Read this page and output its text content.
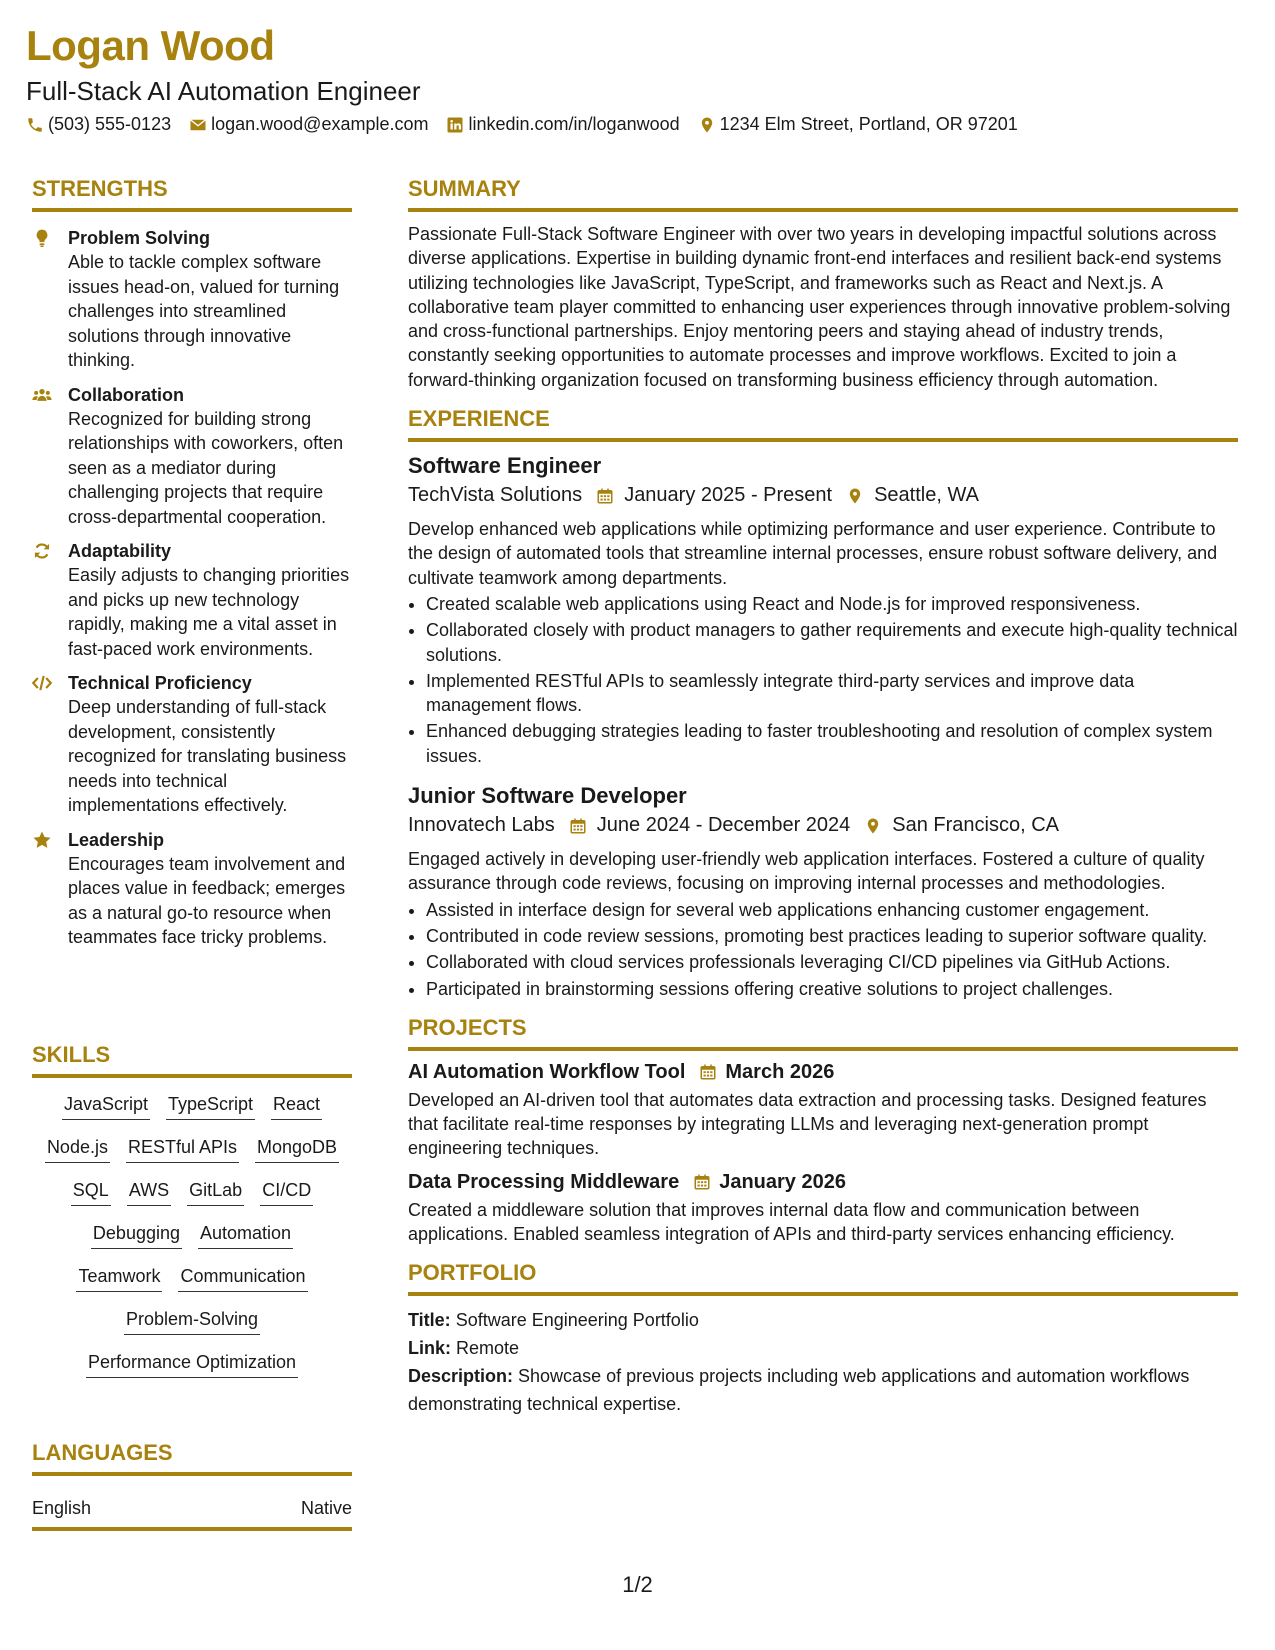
Logan Wood
Full-Stack AI Automation Engineer
(503) 555-0123 logan.wood@example.com linkedin.com/in/loganwood 1234 Elm Street, Portland, OR 97201
STRENGTHS
Problem Solving
Able to tackle complex software issues head-on, valued for turning challenges into streamlined solutions through innovative thinking.
Collaboration
Recognized for building strong relationships with coworkers, often seen as a mediator during challenging projects that require cross-departmental cooperation.
Adaptability
Easily adjusts to changing priorities and picks up new technology rapidly, making me a vital asset in fast-paced work environments.
Technical Proficiency
Deep understanding of full-stack development, consistently recognized for translating business needs into technical implementations effectively.
Leadership
Encourages team involvement and places value in feedback; emerges as a natural go-to resource when teammates face tricky problems.
SKILLS
JavaScript TypeScript React
Node.js RESTful APIs MongoDB
SQL AWS GitLab CI/CD
Debugging Automation
Teamwork Communication
Problem-Solving
Performance Optimization
LANGUAGES
English	Native
SUMMARY

Passionate Full-Stack Software Engineer with over two years in developing impactful solutions across diverse applications. Expertise in building dynamic front-end interfaces and resilient back-end systems utilizing technologies like JavaScript, TypeScript, and frameworks such as React and Next.js. A collaborative team player committed to enhancing user experiences through innovative problem-solving and cross-functional partnerships. Enjoy mentoring peers and staying ahead of industry trends, constantly seeking opportunities to automate processes and improve workflows. Excited to join a forward-thinking organization focused on transforming business efficiency through automation.

EXPERIENCE
Software Engineer
TechVista Solutions January 2025 - Present Seattle, WA

Develop enhanced web applications while optimizing performance and user experience. Contribute to the design of automated tools that streamline internal processes, ensure robust software delivery, and cultivate teamwork among departments.

• Created scalable web applications using React and Node.js for improved responsiveness.
• Collaborated closely with product managers to gather requirements and execute high-quality technical solutions.
• Implemented RESTful APIs to seamlessly integrate third-party services and improve data management flows.
• Enhanced debugging strategies leading to faster troubleshooting and resolution of complex system issues.
Junior Software Developer
Innovatech Labs June 2024 - December 2024 San Francisco, CA

Engaged actively in developing user-friendly web application interfaces. Fostered a culture of quality assurance through code reviews, focusing on improving internal processes and methodologies.

• Assisted in interface design for several web applications enhancing customer engagement.
• Contributed in code review sessions, promoting best practices leading to superior software quality.
• Collaborated with cloud services professionals leveraging CI/CD pipelines via GitHub Actions.
• Participated in brainstorming sessions offering creative solutions to project challenges.
PROJECTS
AI Automation Workflow Tool March 2026

Developed an AI-driven tool that automates data extraction and processing tasks. Designed features that facilitate real-time responses by integrating LLMs and leveraging next-generation prompt engineering techniques.

Data Processing Middleware January 2026

Created a middleware solution that improves internal data flow and communication between applications. Enabled seamless integration of APIs and third-party services enhancing efficiency.

PORTFOLIO
Title: Software Engineering Portfolio
Link: Remote
Description: Showcase of previous projects including web applications and automation workflows demonstrating technical expertise.
1/2
